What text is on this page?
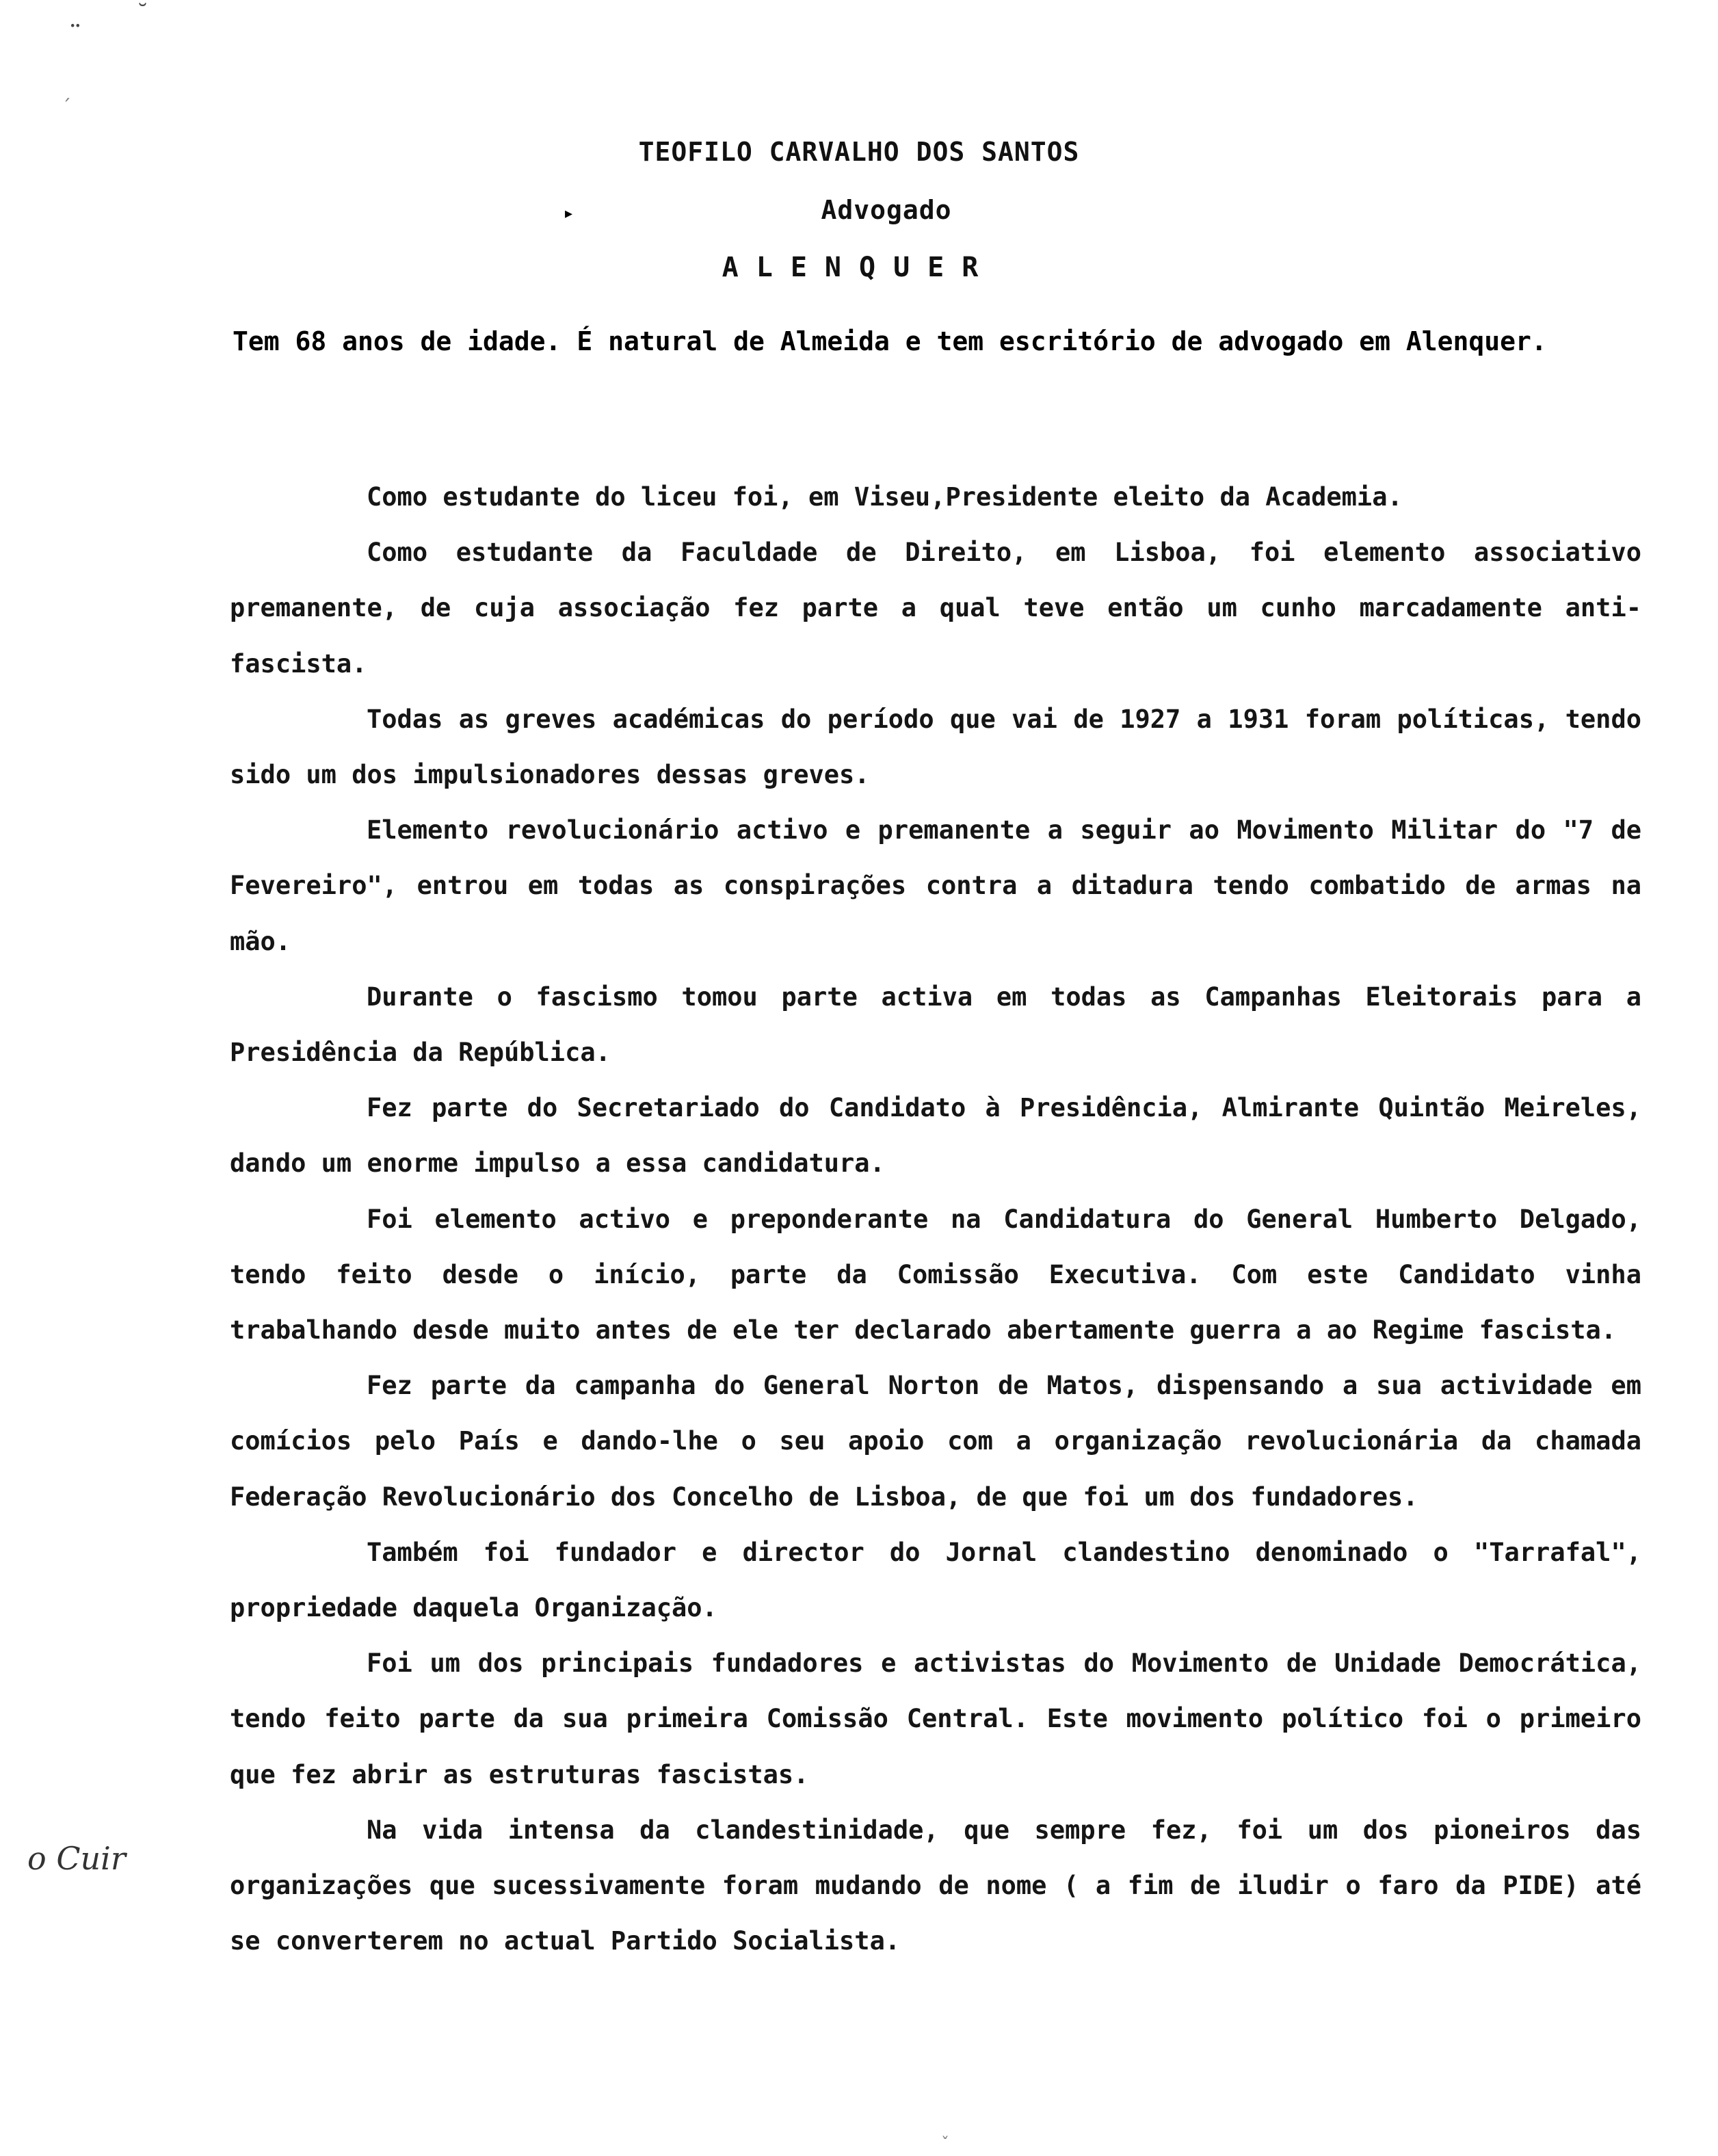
¨
˘
´
TEOFILO CARVALHO DOS SANTOS
▸	Advogado
ALENQUER
Tem 68 anos de idade. É natural de Almeida e tem escritório de advogado em Alenquer.

Como estudante do liceu foi, em Viseu,Presidente eleito da Academia.

Como estudante da Faculdade de Direito, em Lisboa, foi elemento associativo premanente, de cuja associação fez parte a qual teve então um cunho marcadamente anti-fascista.

Todas as greves académicas do período que vai de 1927 a 1931 foram políticas, tendo sido um dos impulsionadores dessas greves.

Elemento revolucionário activo e premanente a seguir ao Movimento Militar do "7 de Fevereiro", entrou em todas as conspirações contra a ditadura tendo combatido de armas na mão.

Durante o fascismo tomou parte activa em todas as Campanhas Eleitorais para a Presidência da República.

Fez parte do Secretariado do Candidato à Presidência, Almirante Quintão Meireles, dando um enorme impulso a essa candidatura.

Foi elemento activo e preponderante na Candidatura do General Humberto Delgado, tendo feito desde o início, parte da Comissão Executiva. Com este Candidato vinha trabalhando desde muito antes de ele ter declarado abertamente guerra a ao Regime fascista.

Fez parte da campanha do General Norton de Matos, dispensando a sua actividade em comícios pelo País e dando-lhe o seu apoio com a organização revolucionária da chamada Federação Revolucionário dos Concelho de Lisboa, de que foi um dos fundadores.

Também foi fundador e director do Jornal clandestino denominado o "Tarrafal", propriedade daquela Organização.

Foi um dos principais fundadores e activistas do Movimento de Unidade Democrática, tendo feito parte da sua primeira Comissão Central. Este movimento político foi o primeiro que fez abrir as estruturas fascistas.

Na vida intensa da clandestinidade, que sempre fez, foi um dos pioneiros das organizações que sucessivamente foram mudando de nome ( a fim de iludir o faro da PIDE) até se converterem no actual Partido Socialista.

o Cuir
ˇ
